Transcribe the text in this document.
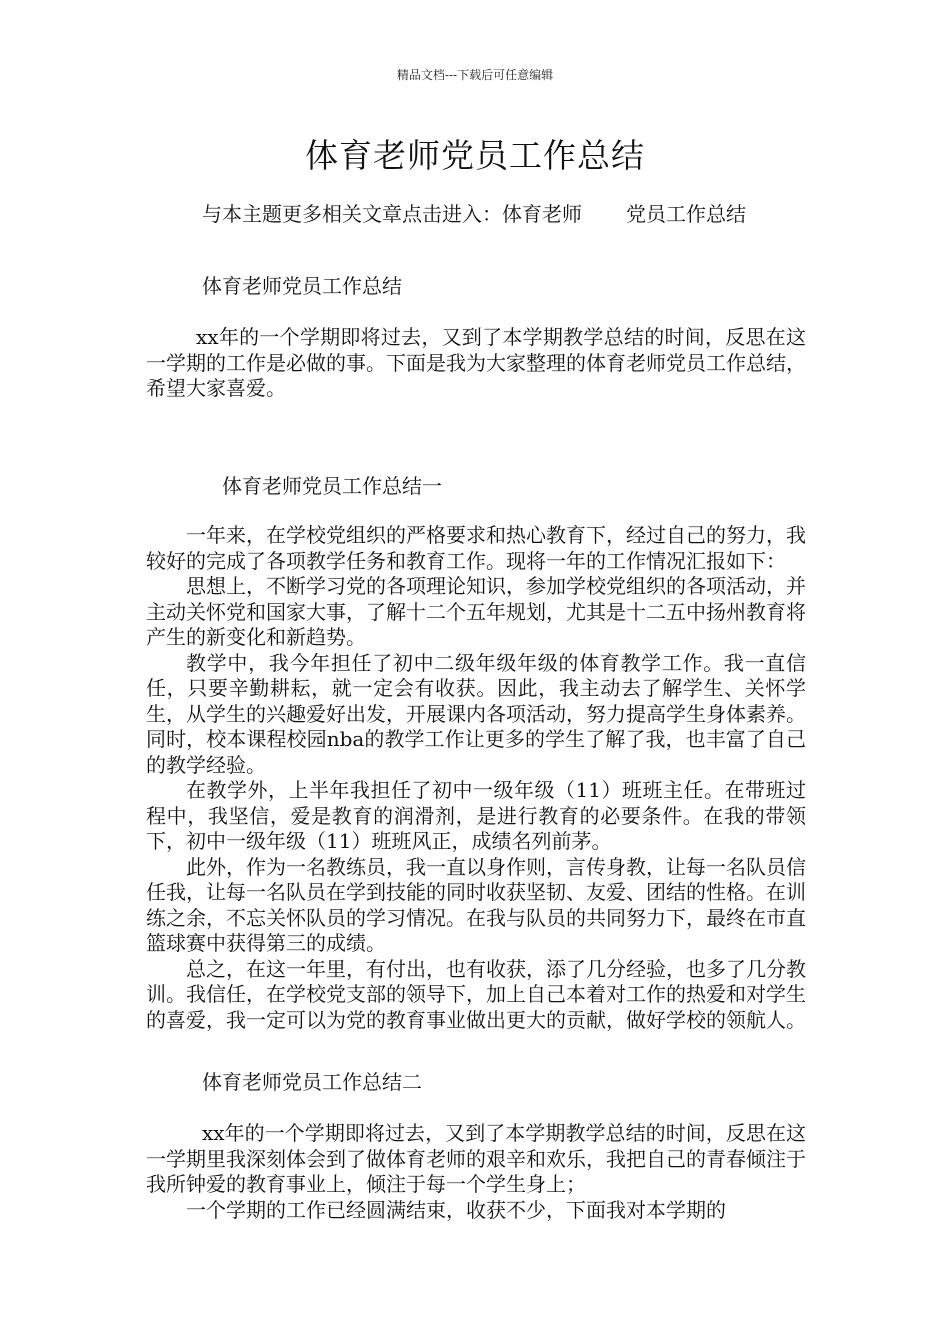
精品文档---下载后可任意编辑
体育老师党员工作总结
与本主题更多相关文章点击进入：体育老师 党员工作总结
体育老师党员工作总结

xx年的一个学期即将过去，又到了本学期教学总结的时间，反思在这一学期的工作是必做的事。下面是我为大家整理的体育老师党员工作总结，希望大家喜爱。

体育老师党员工作总结一

一年来，在学校党组织的严格要求和热心教育下，经过自己的努力，我较好的完成了各项教学任务和教育工作。现将一年的工作情况汇报如下：

思想上，不断学习党的各项理论知识，参加学校党组织的各项活动，并主动关怀党和国家大事，了解十二个五年规划，尤其是十二五中扬州教育将产生的新变化和新趋势。

教学中，我今年担任了初中二级年级年级的体育教学工作。我一直信任，只要辛勤耕耘，就一定会有收获。因此，我主动去了解学生、关怀学生，从学生的兴趣爱好出发，开展课内各项活动，努力提高学生身体素养。同时，校本课程校园nba的教学工作让更多的学生了解了我，也丰富了自己的教学经验。

在教学外，上半年我担任了初中一级年级（11）班班主任。在带班过程中，我坚信，爱是教育的润滑剂，是进行教育的必要条件。在我的带领下，初中一级年级（11）班班风正，成绩名列前茅。

此外，作为一名教练员，我一直以身作则，言传身教，让每一名队员信任我，让每一名队员在学到技能的同时收获坚韧、友爱、团结的性格。在训练之余，不忘关怀队员的学习情况。在我与队员的共同努力下，最终在市直篮球赛中获得第三的成绩。

总之，在这一年里，有付出，也有收获，添了几分经验，也多了几分教训。我信任，在学校党支部的领导下，加上自己本着对工作的热爱和对学生的喜爱，我一定可以为党的教育事业做出更大的贡献，做好学校的领航人。

体育老师党员工作总结二

xx年的一个学期即将过去，又到了本学期教学总结的时间，反思在这一学期里我深刻体会到了做体育老师的艰辛和欢乐，我把自己的青春倾注于我所钟爱的教育事业上，倾注于每一个学生身上；

一个学期的工作已经圆满结束，收获不少，下面我对本学期的
